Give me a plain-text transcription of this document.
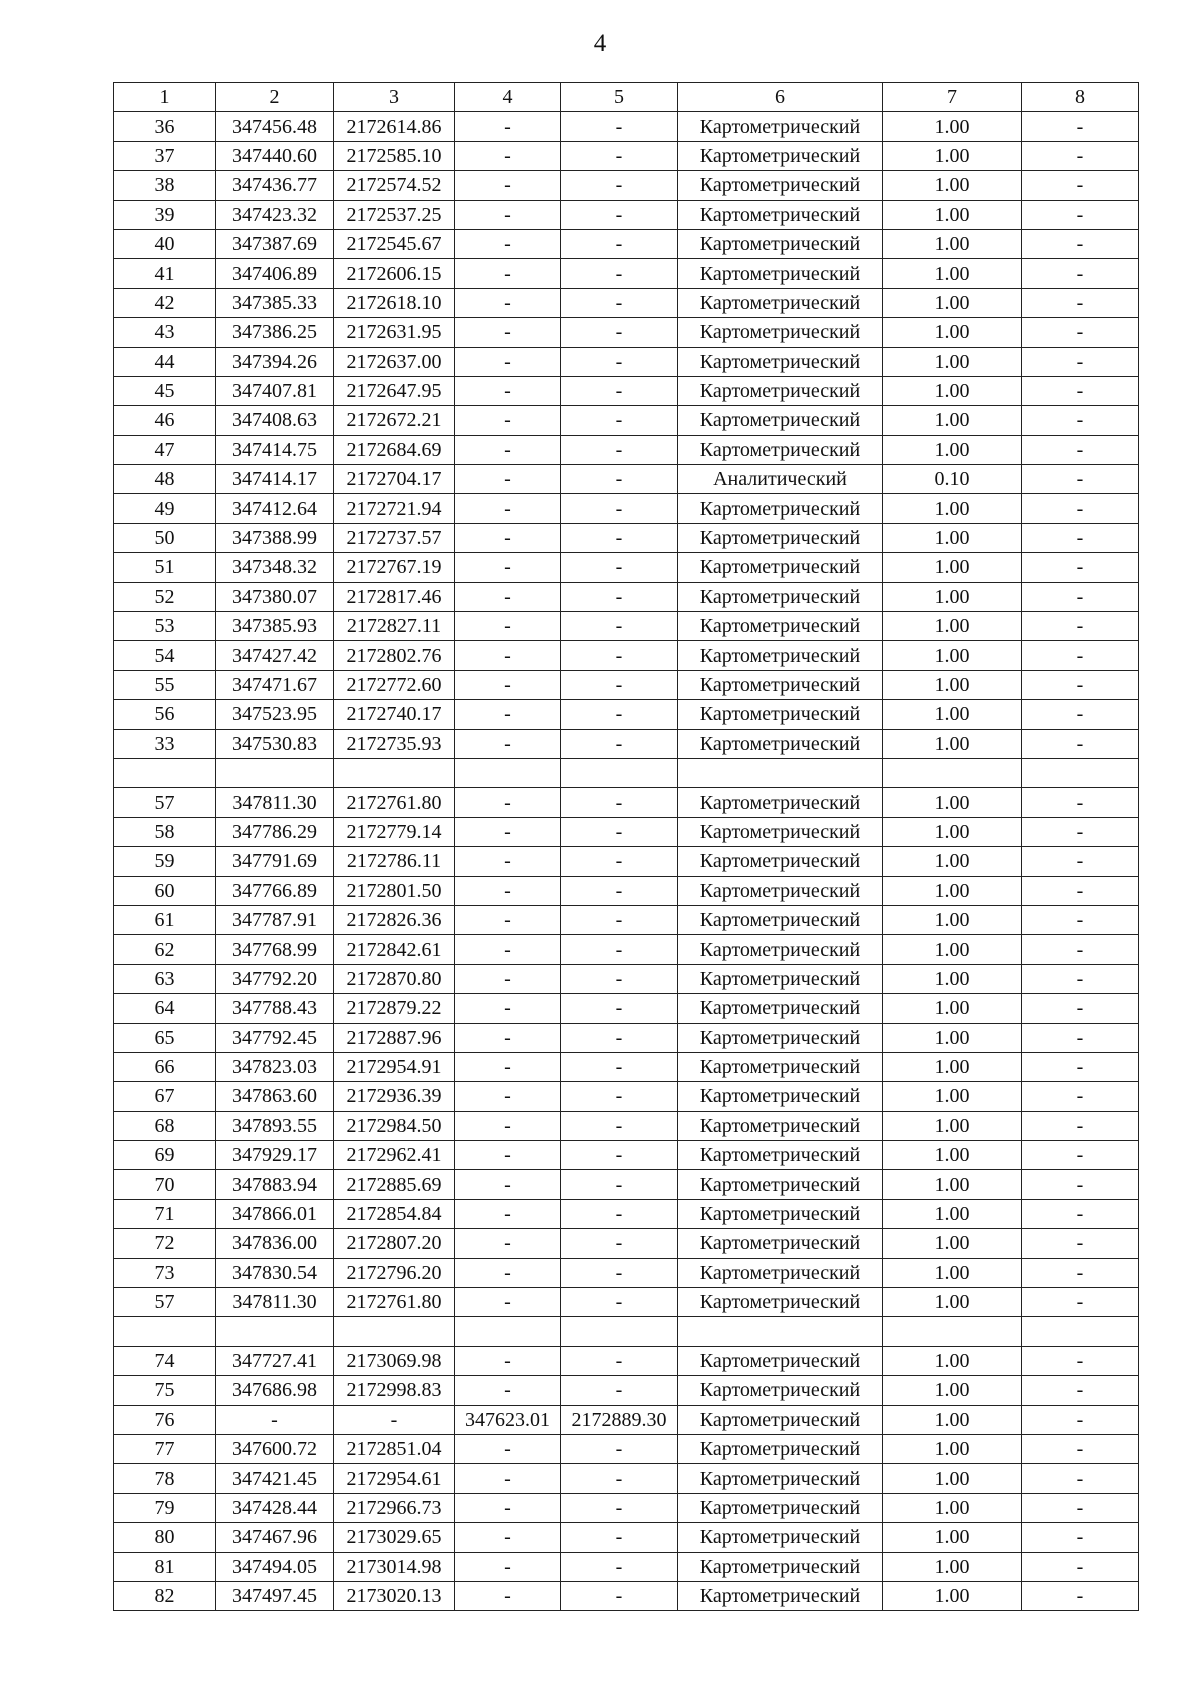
4
1	2	3	4	5	6	7	8
36	347456.48	2172614.86	-	-	Картометрический	1.00	-
37	347440.60	2172585.10	-	-	Картометрический	1.00	-
38	347436.77	2172574.52	-	-	Картометрический	1.00	-
39	347423.32	2172537.25	-	-	Картометрический	1.00	-
40	347387.69	2172545.67	-	-	Картометрический	1.00	-
41	347406.89	2172606.15	-	-	Картометрический	1.00	-
42	347385.33	2172618.10	-	-	Картометрический	1.00	-
43	347386.25	2172631.95	-	-	Картометрический	1.00	-
44	347394.26	2172637.00	-	-	Картометрический	1.00	-
45	347407.81	2172647.95	-	-	Картометрический	1.00	-
46	347408.63	2172672.21	-	-	Картометрический	1.00	-
47	347414.75	2172684.69	-	-	Картометрический	1.00	-
48	347414.17	2172704.17	-	-	Аналитический	0.10	-
49	347412.64	2172721.94	-	-	Картометрический	1.00	-
50	347388.99	2172737.57	-	-	Картометрический	1.00	-
51	347348.32	2172767.19	-	-	Картометрический	1.00	-
52	347380.07	2172817.46	-	-	Картометрический	1.00	-
53	347385.93	2172827.11	-	-	Картометрический	1.00	-
54	347427.42	2172802.76	-	-	Картометрический	1.00	-
55	347471.67	2172772.60	-	-	Картометрический	1.00	-
56	347523.95	2172740.17	-	-	Картометрический	1.00	-
33	347530.83	2172735.93	-	-	Картометрический	1.00	-

57	347811.30	2172761.80	-	-	Картометрический	1.00	-
58	347786.29	2172779.14	-	-	Картометрический	1.00	-
59	347791.69	2172786.11	-	-	Картометрический	1.00	-
60	347766.89	2172801.50	-	-	Картометрический	1.00	-
61	347787.91	2172826.36	-	-	Картометрический	1.00	-
62	347768.99	2172842.61	-	-	Картометрический	1.00	-
63	347792.20	2172870.80	-	-	Картометрический	1.00	-
64	347788.43	2172879.22	-	-	Картометрический	1.00	-
65	347792.45	2172887.96	-	-	Картометрический	1.00	-
66	347823.03	2172954.91	-	-	Картометрический	1.00	-
67	347863.60	2172936.39	-	-	Картометрический	1.00	-
68	347893.55	2172984.50	-	-	Картометрический	1.00	-
69	347929.17	2172962.41	-	-	Картометрический	1.00	-
70	347883.94	2172885.69	-	-	Картометрический	1.00	-
71	347866.01	2172854.84	-	-	Картометрический	1.00	-
72	347836.00	2172807.20	-	-	Картометрический	1.00	-
73	347830.54	2172796.20	-	-	Картометрический	1.00	-
57	347811.30	2172761.80	-	-	Картометрический	1.00	-

74	347727.41	2173069.98	-	-	Картометрический	1.00	-
75	347686.98	2172998.83	-	-	Картометрический	1.00	-
76	-	-	347623.01	2172889.30	Картометрический	1.00	-
77	347600.72	2172851.04	-	-	Картометрический	1.00	-
78	347421.45	2172954.61	-	-	Картометрический	1.00	-
79	347428.44	2172966.73	-	-	Картометрический	1.00	-
80	347467.96	2173029.65	-	-	Картометрический	1.00	-
81	347494.05	2173014.98	-	-	Картометрический	1.00	-
82	347497.45	2173020.13	-	-	Картометрический	1.00	-
